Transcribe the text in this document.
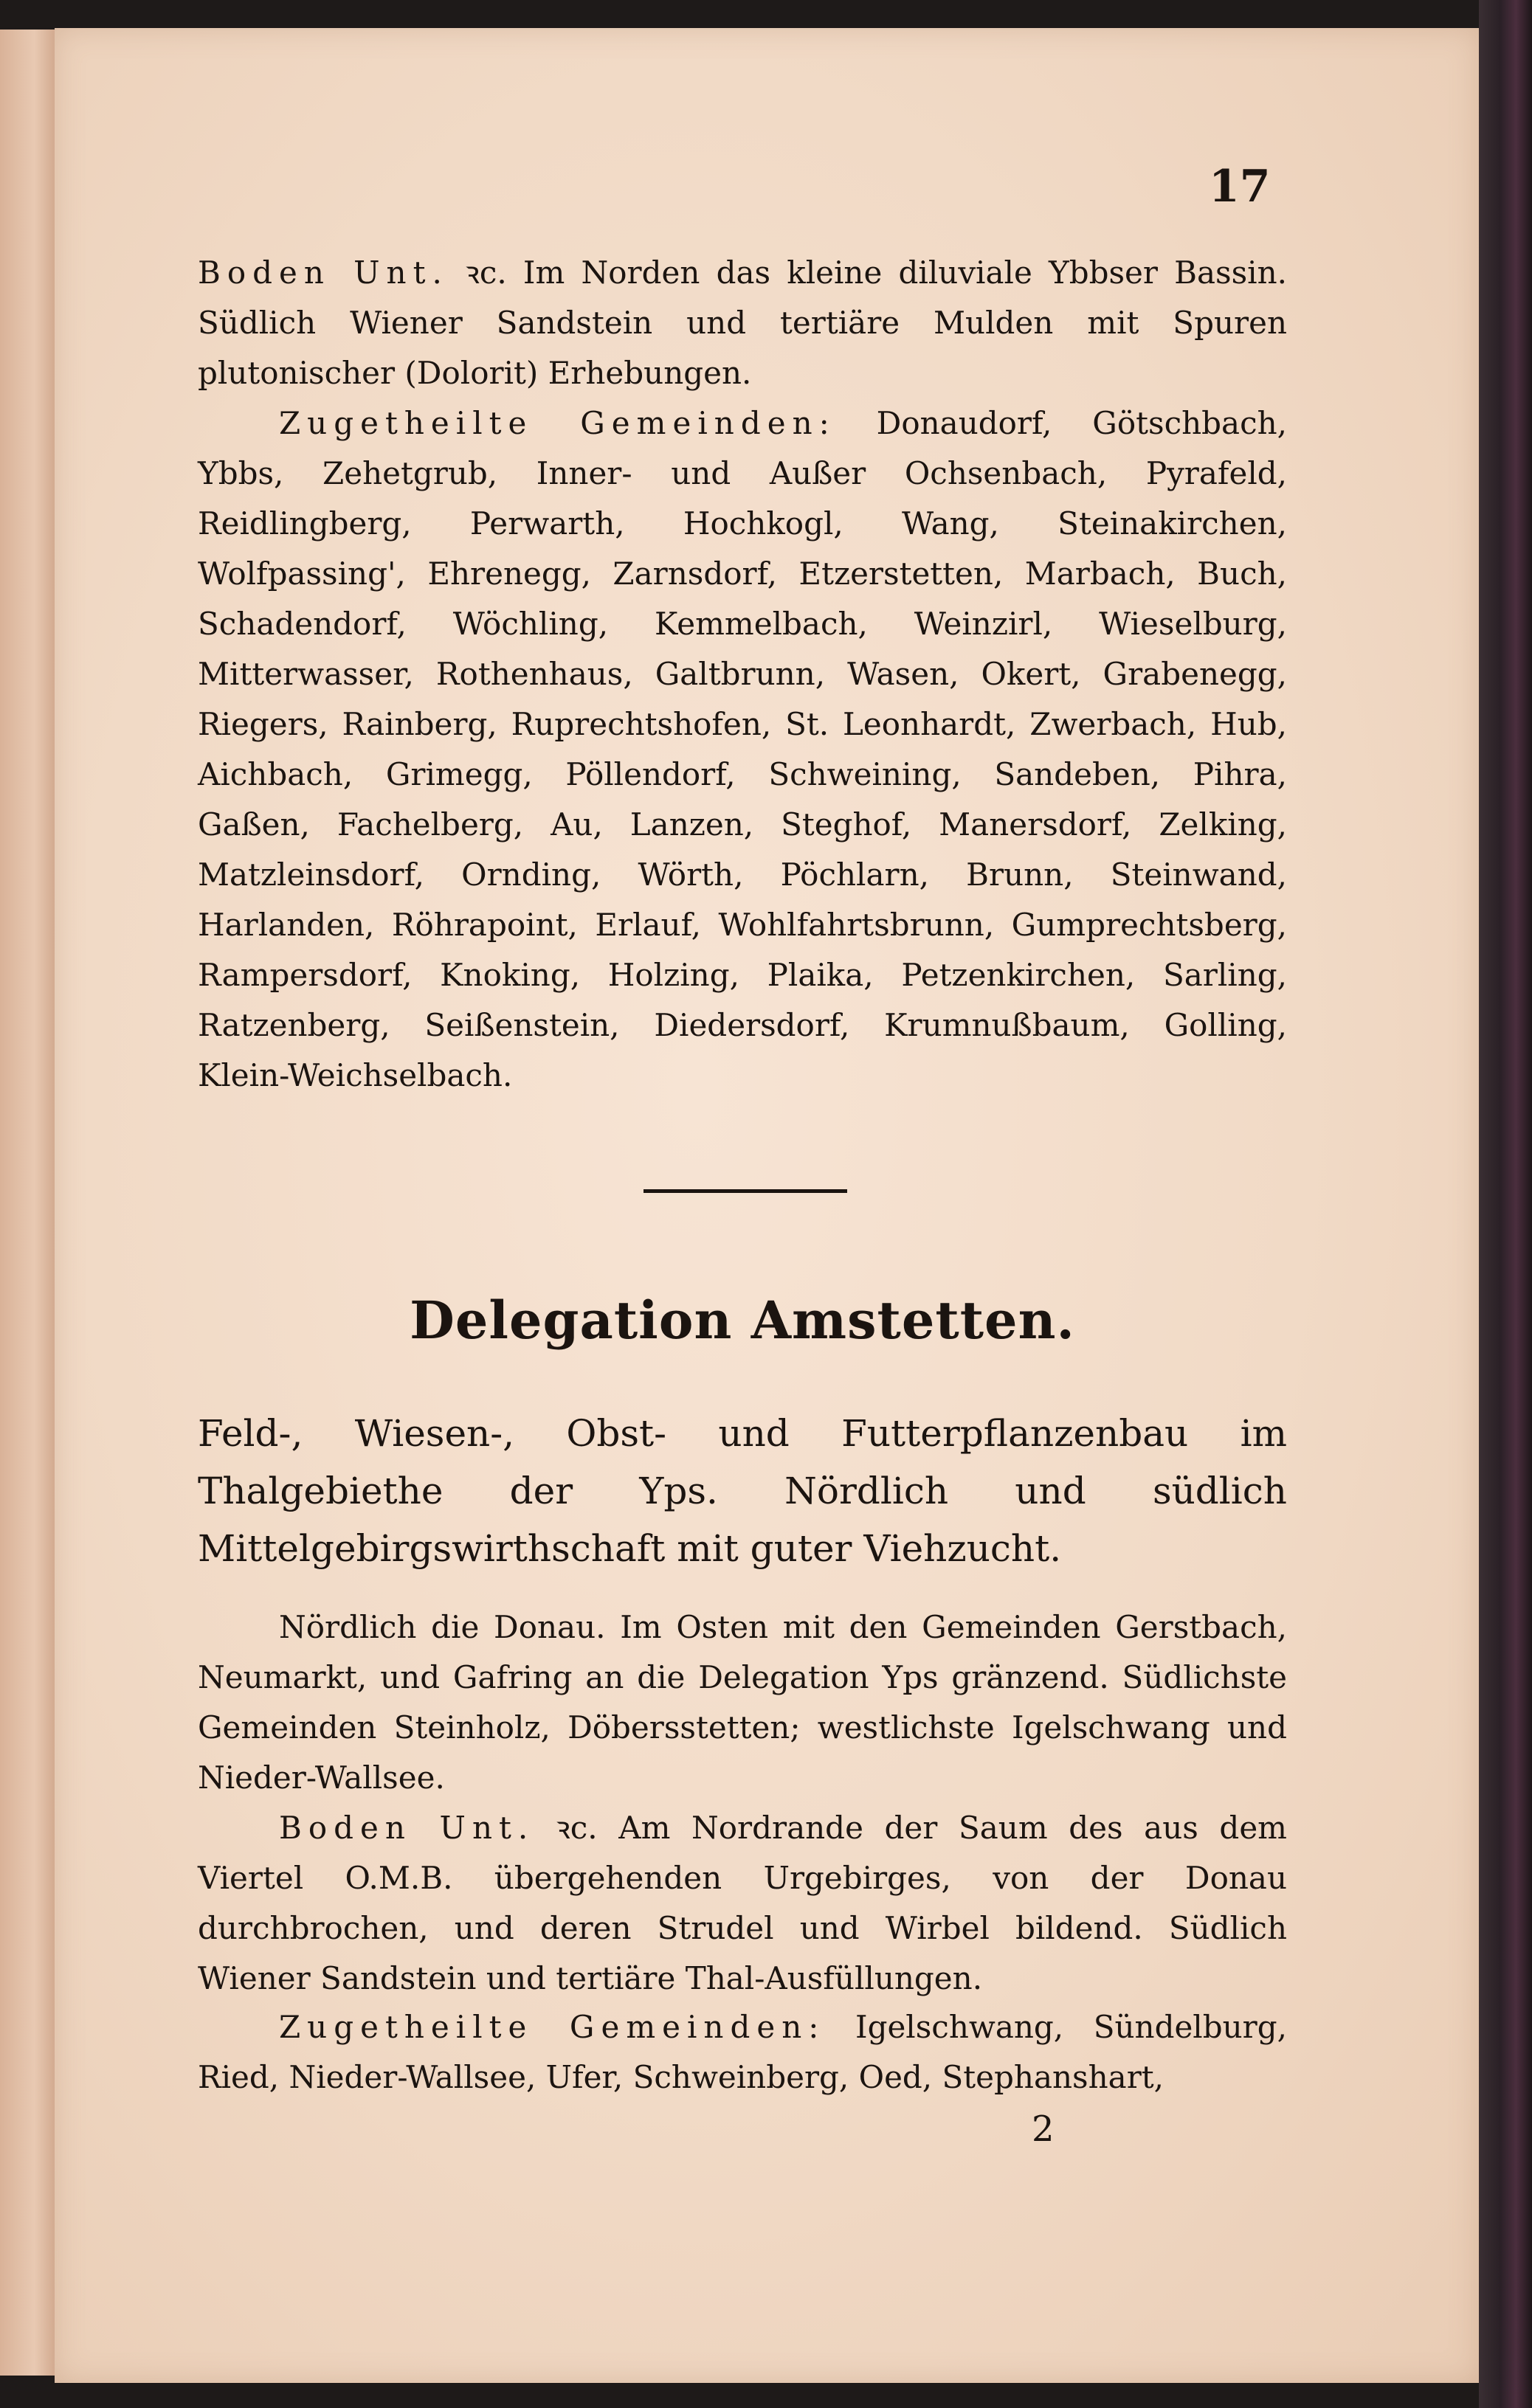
17

Boden Unt. ꝛc. Im Norden das kleine diluviale Ybbser Bassin. Südlich Wiener Sandstein und tertiäre Mulden mit Spuren plutonischer (Dolorit) Erhebungen.

Zugetheilte Gemeinden: Donaudorf, Götschbach, Ybbs, Zehetgrub, Inner- und Außer Ochsenbach, Pyrafeld, Reidlingberg, Perwarth, Hochkogl, Wang, Steinakirchen, Wolfpassing', Ehrenegg, Zarnsdorf, Etzerstetten, Marbach, Buch, Schadendorf, Wöchling, Kemmelbach, Weinzirl, Wieselburg, Mitterwasser, Rothenhaus, Galtbrunn, Wasen, Okert, Grabenegg, Riegers, Rainberg, Ruprechtshofen, St. Leonhardt, Zwerbach, Hub, Aichbach, Grimegg, Pöllendorf, Schweining, Sandeben, Pihra, Gaßen, Fachelberg, Au, Lanzen, Steghof, Manersdorf, Zelking, Matzleinsdorf, Ornding, Wörth, Pöchlarn, Brunn, Steinwand, Harlanden, Röhrapoint, Erlauf, Wohlfahrtsbrunn, Gumprechtsberg, Rampersdorf, Knoking, Holzing, Plaika, Petzenkirchen, Sarling, Ratzenberg, Seißenstein, Diedersdorf, Krumnußbaum, Golling, Klein-Weichselbach.

Delegation Amstetten.

Feld-, Wiesen-, Obst- und Futterpflanzenbau im Thalgebiethe der Yps. Nördlich und südlich Mittelgebirgswirthschaft mit guter Viehzucht.

Nördlich die Donau. Im Osten mit den Gemeinden Gerstbach, Neumarkt, und Gafring an die Delegation Yps gränzend. Südlichste Gemeinden Steinholz, Döbersstetten; westlichste Igelschwang und Nieder-Wallsee.

Boden Unt. ꝛc. Am Nordrande der Saum des aus dem Viertel O.M.B. übergehenden Urgebirges, von der Donau durchbrochen, und deren Strudel und Wirbel bildend. Südlich Wiener Sandstein und tertiäre Thal-Ausfüllungen.

Zugetheilte Gemeinden: Igelschwang, Sündelburg, Ried, Nieder-Wallsee, Ufer, Schweinberg, Oed, Stephanshart,

2
